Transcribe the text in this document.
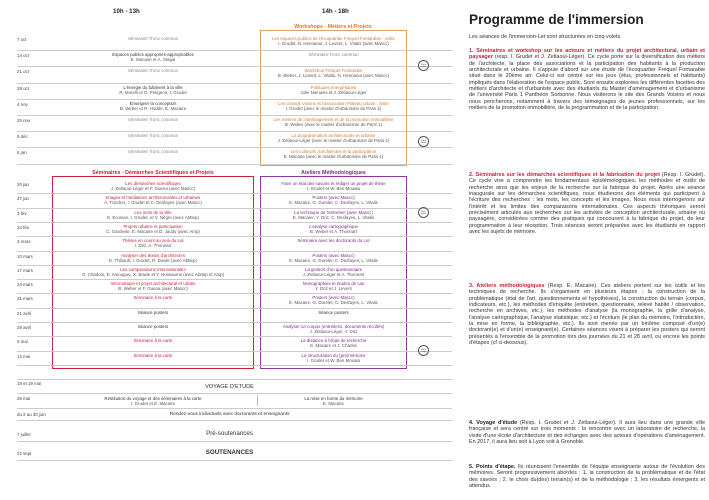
10h - 13h	14h - 18h
Workshops - Métiers et Projets
Séminaires - Démarches Scientifiques et Projets	Ateliers Méthodologiques
7 oct	Séminaire Tronc commun	Les espaces publics de l'écoquartier Fréquel Fontarabie - visite
I. Grudet, N. Hennaoui, J. Levent, L. Vitalis (avec Mascc)
14 oct	Espaces publics appropriés-appropriables
E. Macaire et A. Stagia
Séminaire Tronc commun
21 oct	Séminaire Tronc commun	Workshop Fréquel Fontarabie
B. Weber, J. Levent, L. Vitalis, N. Hennaoui (avec Mascc)
28 oct	L'énergie du bâtiment à la ville
R. Morelli et O. Petigeon, I. Grudet
Politiques énergétiques
Julie Nieuwes et J. Zetlaoui-Léger
4 nov	Enseigner la conception
B. Weber et R. Hodde, E. Macaire
Les Grands Voisins et l'association Plateau urbain : visite
I. Grudet (avec le master d'urbanisme de Paris 1)
25 nov	Séminaire Tronc commun	Les métiers de l'aménagement et de la promotion immobilière
B. Weber (avec le master d'urbanisme de Paris 1)
9 déc	Séminaire Tronc commun	La programmation architecturale et urbaine
J. Zetlaoui-Léger (avec le master d'urbanisme de Paris 1)
6 jan	Séminaire Tronc commun	Les collectifs d'architectes et la participation
E. Macaire (avec le master d'urbanisme de Paris 1)
20 jan	Les démarches scientifiques
J. Zetlaoui-Léger et F. Guena (avec Mascc)
Faire un état des savoirs et rédiger un projet de thèse
I. Grudet et W. Ben Mouaia
27 jan	Images et médiations architecturales et urbaines
A. Tüscher, I. Grudet et C. Desfayes (avec Mascc)
Posters (avec Mascc)
E. Macaire, G. Durelet, C. Desfayes, L. Vitalis
3 fév	Les mots de la ville
E. Ecosian, I. Grudet. et V. Négre (avec Abttep)
La technique de l'entretien (avec Mascc)
E. Macaire, Y. Driz, C. Desfayes, L. Vitalis
24 fév	Projets urbains et participation
C. Gardesle, E. Macaire et D. Jaudy (avec Amp)
L'analyse cartographique
B. Weber et A. Thonnart
3 mars	Thèses en cours au sein du Let
I. Driz, A. Thonnart
Séminaire avec les doctorants du Let
10 mars	Analyser des textes d'architectes
E. Thibault, I. Grudet, R. Dowle (avec Abttep)
Posters (avec Mascc)
E. Macaire, G. Durelet, C. Desfayes, L. Vitalis
17 mars	Les comparaisons internationales
O. Chadoin, E. Amougou, X. Bowie et Y. Nussaume (avec Abttep et Amp)
La gestion d'un questionnaire
J. Zetlaoui-Léger et A. Thonnart
24 mars	Informatique et projet architectural et urbain
B. Weber et F. Guena (avec Mascc)
Monographies et études de cas
Y. Driz et J. Levent
31 mars	Séminaire à la carte	Posters (avec Mascc)
E. Macaire, G. Durelet, C. Desfayes, L. Vitalis
21 avril	Séance posters	Séance posters
28 avril	Séance posters	Analyser un corpus (entretiens, documents récoltés)
J. Zetlaoui-Léger, Y. Driz
5 mai	Séminaire à la carte	La distance à l'objet de recherche
E. Macaire et J. Chantis
12 mai	Séminaire à la carte	La structuration du (pré)mémoire
I. Grudet et W. Ben Mouaia
Point étape
Point étape
Point étape
Point étape
18 et 19 mai
VOYAGE D'ETUDE
26 mai	Restitution du voyage et des séminaires à la carte
I. Grudet et E. Macaire
La mise en forme du mémoire
E. Macaire
du 2 au 30 juin	Rendez-vous individuels avec doctorants et enseignants
7 juillet	Pré-soutenances
22 sept	SOUTENANCES
Programme de l'immersion

Les séances de l'immersion-Let sont structurées en cinq volets.

1. Séminaires et workshop sur les acteurs et métiers du projet architectural, urbain et paysager (resp. I. Grudet et J. Zetlaoui-Léger). Ce cycle porte sur la diversification des métiers de l'architecte, la place des associations et la participation des habitants à la production architecturale et urbaine. Il s'appuie d'abord sur une étude de l'écoquartier Fréquel Fontarabie situé dans le 20ème arr. Celui-ci est centré sur les jeux (élus, professionnels et habitants) impliqués dans l'élaboration de l'espace public. Sont ensuite explorées les différentes facettes des métiers d'architecte et d'urbaniste avec des étudiants du Master d'aménagement et d'urbanisme de l'université Paris 1 Panthéon Sorbonne. Nous visiterons le site des Grands Voisins et nous nous pencherons, notamment à travers des témoignages de jeunes professionnels, sur les métiers de la promotion immobilière, de la programmation et de la participation.

2. Séminaires sur les démarches scientifiques et la fabrication du projet (Resp. I. Grudet). Ce cycle vise à comprendre les fondamentaux épistémologiques, les méthodes et outils de recherche ainsi que les enjeux de la recherche sur la fabrique du projet. Après une séance inaugurale sur les démarches scientifiques, nous étudierons des éléments qui participent à l'écriture des recherches : les mots, les concepts et les images. Nous nous interrogerons sur l'intérêt et les limites des comparaisons internationales. Ces aspects théoriques seront précisément articulés aux recherches sur les activités de conception architecturale, urbaine ou paysagère, considérées comme des pratiques qui concourent à la fabrique du projet, de leur programmation à leur réception. Trois séances seront préparées avec les étudiants en rapport avec les sujets de mémoire.

3. Ateliers méthodologiques (Resp. E. Macaire). Ces ateliers portent sur les outils et les techniques de recherche. Ils s'organisent en plusieurs étapes : la construction de la problématique (état de l'art, questionnements et hypothèses), la construction du terrain (corpus, indicateurs, etc.), les méthodes d'enquête (entretien, questionnaire, relevé habité / observation, recherche en archives, etc.), les méthodes d'analyse (la monographie, la grille d'analyse, l'analyse cartographique, l'analyse statistique, etc.) et l'écriture (le plan du mémoire, l'introduction, la mise en forme, la bibliographie, etc.). Ils sont menés par un binôme composé d'un(e) doctorant(e) et d'un(e) enseignant(e). Certaines séances visent à préparer les posters qui seront présentés à l'ensemble de la promotion lors des journées du 21 et 28 avril, ou encore les points d'étapes (cf ci-dessous).

4. Voyage d'étude (Resp. I. Grudet et J. Zetlaoui-Léger). Il aura lieu dans une grande ville française et sera centré sur trois moments : la rencontre avec un laboratoire de recherche, la visite d'une école d'architecture et des échanges avec des acteurs d'opérations d'aménagement. En 2017, il aura lieu soit à Lyon soit à Grenoble.

5. Points d'étape. Ils réunissent l'ensemble de l'équipe enseignante autour de l'évolution des mémoires. Seront progressivement abordés : 1. la construction de la problématique et de l'état des savoirs ; 2. le choix du(des) terrain(s) et de la méthodologie ; 3. les résultats émergents et attendus.
